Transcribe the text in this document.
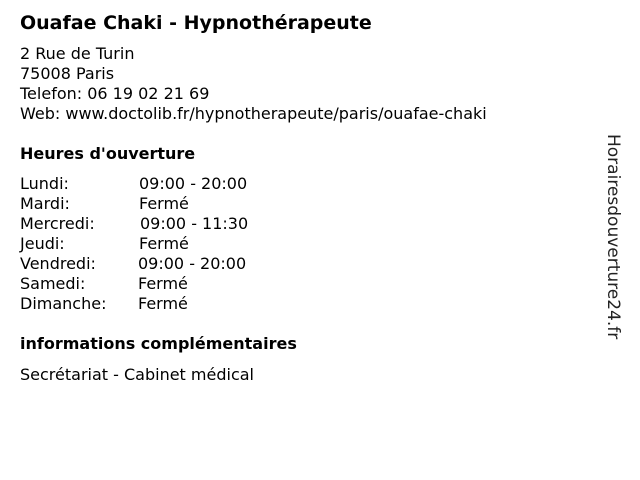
Ouafae Chaki - Hypnothérapeute
2 Rue de Turin
75008 Paris
Telefon: 06 19 02 21 69
Web: www.doctolib.fr/hypnotherapeute/paris/ouafae-chaki
Heures d'ouverture
Lundi:	09:00 - 20:00
Mardi:	Fermé
Mercredi:	09:00 - 11:30
Jeudi:	Fermé
Vendredi:	09:00 - 20:00
Samedi:	Fermé
Dimanche: Fermé
informations complémentaires
Secrétariat - Cabinet médical
Horairesdouverture24.fr
